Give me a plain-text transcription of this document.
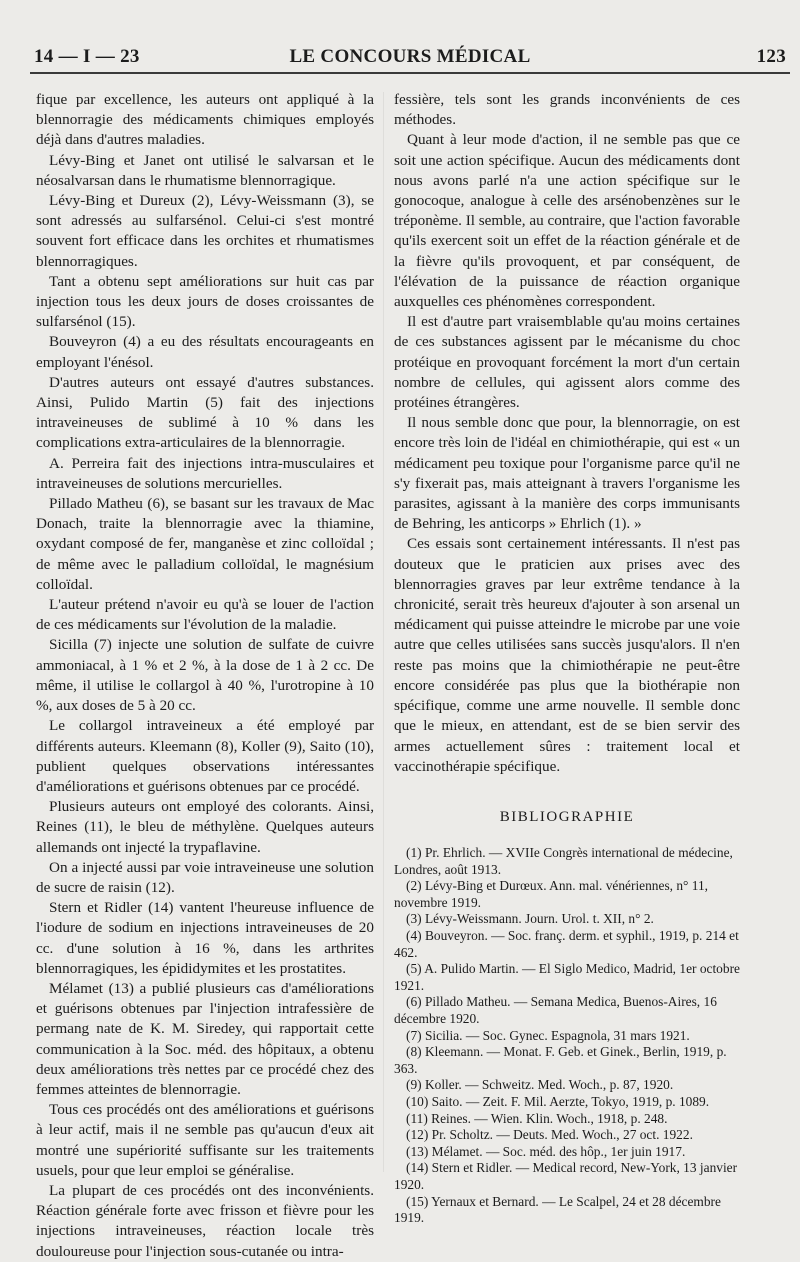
14 — I — 23	LE CONCOURS MÉDICAL	123

fique par excellence, les auteurs ont appliqué à la blennorragie des médicaments chimiques employés déjà dans d'autres maladies.

Lévy-Bing et Janet ont utilisé le salvarsan et le néosalvarsan dans le rhumatisme blennorragique.

Lévy-Bing et Dureux (2), Lévy-Weissmann (3), se sont adressés au sulfarsénol. Celui-ci s'est montré souvent fort efficace dans les orchites et rhumatismes blennorragiques.

Tant a obtenu sept améliorations sur huit cas par injection tous les deux jours de doses croissantes de sulfarsénol (15).

Bouveyron (4) a eu des résultats encourageants en employant l'énésol.

D'autres auteurs ont essayé d'autres substances. Ainsi, Pulido Martin (5) fait des injections intraveineuses de sublimé à 10 % dans les complications extra-articulaires de la blennorragie.

A. Perreira fait des injections intra-musculaires et intraveineuses de solutions mercurielles.

Pillado Matheu (6), se basant sur les travaux de Mac Donach, traite la blennorragie avec la thiamine, oxydant composé de fer, manganèse et zinc colloïdal ; de même avec le palladium colloïdal, le magnésium colloïdal.

L'auteur prétend n'avoir eu qu'à se louer de l'action de ces médicaments sur l'évolution de la maladie.

Sicilla (7) injecte une solution de sulfate de cuivre ammoniacal, à 1 % et 2 %, à la dose de 1 à 2 cc. De même, il utilise le collargol à 40 %, l'urotropine à 10 %, aux doses de 5 à 20 cc.

Le collargol intraveineux a été employé par différents auteurs. Kleemann (8), Koller (9), Saito (10), publient quelques observations intéressantes d'améliorations et guérisons obtenues par ce procédé.

Plusieurs auteurs ont employé des colorants. Ainsi, Reines (11), le bleu de méthylène. Quelques auteurs allemands ont injecté la trypaflavine.

On a injecté aussi par voie intraveineuse une solution de sucre de raisin (12).

Stern et Ridler (14) vantent l'heureuse influence de l'iodure de sodium en injections intraveineuses de 20 cc. d'une solution à 16 %, dans les arthrites blennorragiques, les épididymites et les prostatites.

Mélamet (13) a publié plusieurs cas d'améliorations et guérisons obtenues par l'injection intrafessière de permang nate de K. M. Siredey, qui rapportait cette communication à la Soc. méd. des hôpitaux, a obtenu deux améliorations très nettes par ce procédé chez des femmes atteintes de blennorragie.

Tous ces procédés ont des améliorations et guérisons à leur actif, mais il ne semble pas qu'aucun d'eux ait montré une supériorité suffisante sur les traitements usuels, pour que leur emploi se généralise.

La plupart de ces procédés ont des inconvénients. Réaction générale forte avec frisson et fièvre pour les injections intraveineuses, réaction locale très douloureuse pour l'injection sous-cutanée ou intra-

fessière, tels sont les grands inconvénients de ces méthodes.

Quant à leur mode d'action, il ne semble pas que ce soit une action spécifique. Aucun des médicaments dont nous avons parlé n'a une action spécifique sur le gonocoque, analogue à celle des arsénobenzènes sur le tréponème. Il semble, au contraire, que l'action favorable qu'ils exercent soit un effet de la réaction générale et de la fièvre qu'ils provoquent, et par conséquent, de l'élévation de la puissance de réaction organique auxquelles ces phénomènes correspondent.

Il est d'autre part vraisemblable qu'au moins certaines de ces substances agissent par le mécanisme du choc protéique en provoquant forcément la mort d'un certain nombre de cellules, qui agissent alors comme des protéines étrangères.

Il nous semble donc que pour, la blennorragie, on est encore très loin de l'idéal en chimiothérapie, qui est « un médicament peu toxique pour l'organisme parce qu'il ne s'y fixerait pas, mais atteignant à travers l'organisme les parasites, agissant à la manière des corps immunisants de Behring, les anticorps » Ehrlich (1). »

Ces essais sont certainement intéressants. Il n'est pas douteux que le praticien aux prises avec des blennorragies graves par leur extrême tendance à la chronicité, serait très heureux d'ajouter à son arsenal un médicament qui puisse atteindre le microbe par une voie autre que celles utilisées sans succès jusqu'alors. Il n'en reste pas moins que la chimiothérapie ne peut-être encore considérée pas plus que la biothérapie non spécifique, comme une arme nouvelle. Il semble donc que le mieux, en attendant, est de se bien servir des armes actuellement sûres : traitement local et vaccinothérapie spécifique.

BIBLIOGRAPHIE

(1) Pr. Ehrlich. — XVIIe Congrès international de médecine, Londres, août 1913.

(2) Lévy-Bing et Durœux. Ann. mal. vénériennes, n° 11, novembre 1919.

(3) Lévy-Weissmann. Journ. Urol. t. XII, n° 2.

(4) Bouveyron. — Soc. franç. derm. et syphil., 1919, p. 214 et 462.

(5) A. Pulido Martin. — El Siglo Medico, Madrid, 1er octobre 1921.

(6) Pillado Matheu. — Semana Medica, Buenos-Aires, 16 décembre 1920.

(7) Sicilia. — Soc. Gynec. Espagnola, 31 mars 1921.

(8) Kleemann. — Monat. F. Geb. et Ginek., Berlin, 1919, p. 363.

(9) Koller. — Schweitz. Med. Woch., p. 87, 1920.

(10) Saito. — Zeit. F. Mil. Aerzte, Tokyo, 1919, p. 1089.

(11) Reines. — Wien. Klin. Woch., 1918, p. 248.

(12) Pr. Scholtz. — Deuts. Med. Woch., 27 oct. 1922.

(13) Mélamet. — Soc. méd. des hôp., 1er juin 1917.

(14) Stern et Ridler. — Medical record, New-York, 13 janvier 1920.

(15) Yernaux et Bernard. — Le Scalpel, 24 et 28 décembre 1919.
